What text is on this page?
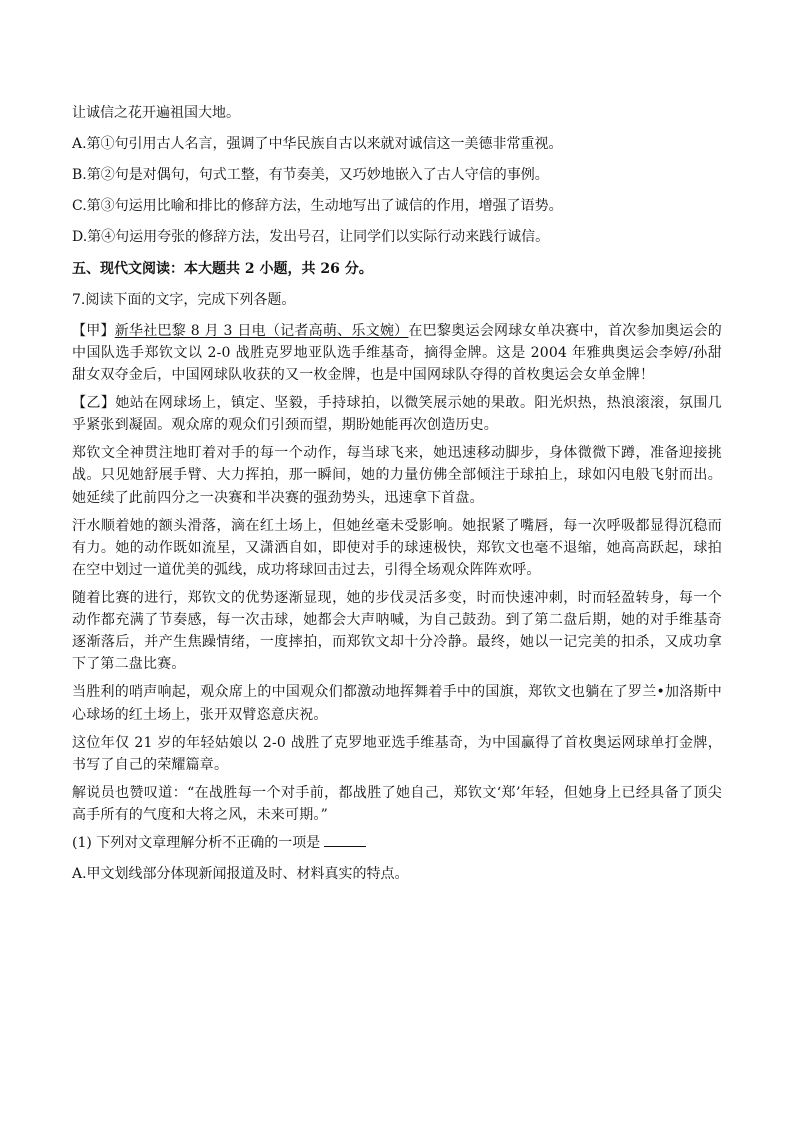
让诚信之花开遍祖国大地。

A.第①句引用古人名言，强调了中华民族自古以来就对诚信这一美德非常重视。

B.第②句是对偶句，句式工整，有节奏美，又巧妙地嵌入了古人守信的事例。

C.第③句运用比喻和排比的修辞方法，生动地写出了诚信的作用，增强了语势。

D.第④句运用夸张的修辞方法，发出号召，让同学们以实际行动来践行诚信。

五、现代文阅读：本大题共 2 小题，共 26 分。

7.阅读下面的文字，完成下列各题。

【甲】新华社巴黎 8 月 3 日电（记者高萌、乐文婉）在巴黎奥运会网球女单决赛中，首次参加奥运会的中国队选手郑钦文以 2-0 战胜克罗地亚队选手维基奇，摘得金牌。这是 2004 年雅典奥运会李婷/孙甜甜女双夺金后，中国网球队收获的又一枚金牌，也是中国网球队夺得的首枚奥运会女单金牌！

【乙】她站在网球场上，镇定、坚毅，手持球拍，以微笑展示她的果敢。阳光炽热，热浪滚滚，氛围几乎紧张到凝固。观众席的观众们引颈而望，期盼她能再次创造历史。

郑钦文全神贯注地盯着对手的每一个动作，每当球飞来，她迅速移动脚步，身体微微下蹲，准备迎接挑战。只见她舒展手臂、大力挥拍，那一瞬间，她的力量仿佛全部倾注于球拍上，球如闪电般飞射而出。她延续了此前四分之一决赛和半决赛的强劲势头，迅速拿下首盘。

汗水顺着她的额头滑落，滴在红土场上，但她丝毫未受影响。她抿紧了嘴唇，每一次呼吸都显得沉稳而有力。她的动作既如流星，又潇洒自如，即使对手的球速极快，郑钦文也毫不退缩，她高高跃起，球拍在空中划过一道优美的弧线，成功将球回击过去，引得全场观众阵阵欢呼。

随着比赛的进行，郑钦文的优势逐渐显现，她的步伐灵活多变，时而快速冲刺，时而轻盈转身，每一个动作都充满了节奏感，每一次击球，她都会大声呐喊，为自己鼓劲。到了第二盘后期，她的对手维基奇逐渐落后，并产生焦躁情绪，一度摔拍，而郑钦文却十分冷静。最终，她以一记完美的扣杀，又成功拿下了第二盘比赛。

当胜利的哨声响起，观众席上的中国观众们都激动地挥舞着手中的国旗，郑钦文也躺在了罗兰•加洛斯中心球场的红土场上，张开双臂恣意庆祝。

这位年仅 21 岁的年轻姑娘以 2-0 战胜了克罗地亚选手维基奇，为中国赢得了首枚奥运网球单打金牌，书写了自己的荣耀篇章。

解说员也赞叹道：“在战胜每一个对手前，都战胜了她自己，郑钦文‘郑’年轻，但她身上已经具备了顶尖高手所有的气度和大将之风，未来可期。”

(1) 下列对文章理解分析不正确的一项是

A.甲文划线部分体现新闻报道及时、材料真实的特点。
